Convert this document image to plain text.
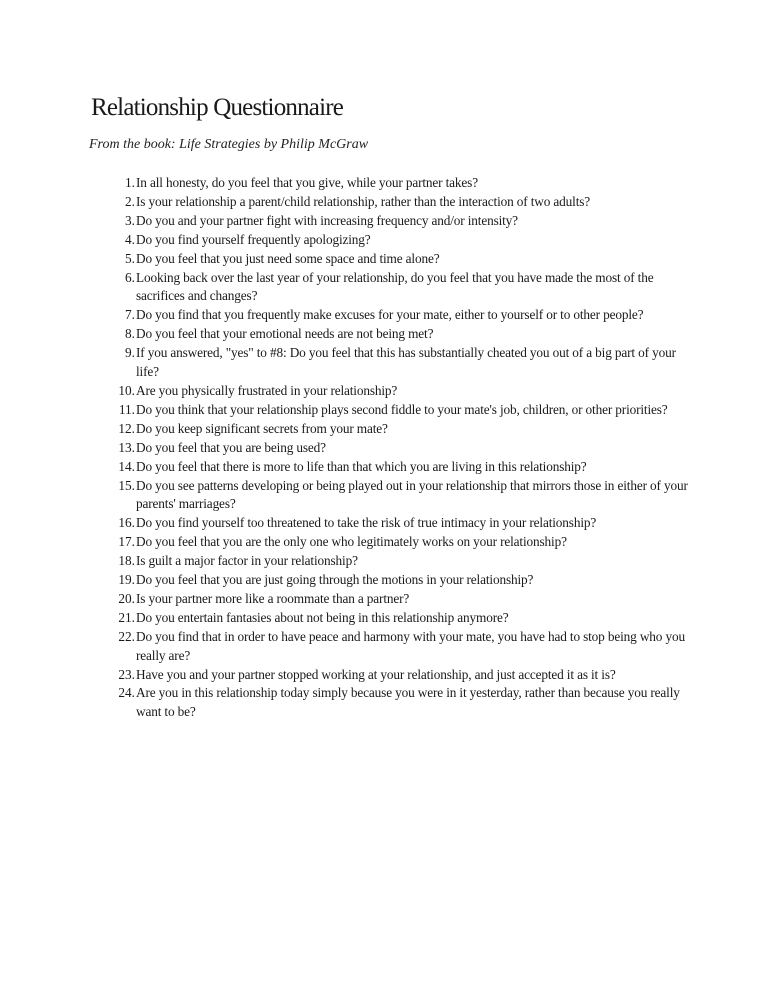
Relationship Questionnaire

From the book: Life Strategies by Philip McGraw

1. In all honesty, do you feel that you give, while your partner takes?
2. Is your relationship a parent/child relationship, rather than the interaction of two adults?
3. Do you and your partner fight with increasing frequency and/or intensity?
4. Do you find yourself frequently apologizing?
5. Do you feel that you just need some space and time alone?
6. Looking back over the last year of your relationship, do you feel that you have made the most of the sacrifices and changes?
7. Do you find that you frequently make excuses for your mate, either to yourself or to other people?
8. Do you feel that your emotional needs are not being met?
9. If you answered, "yes" to #8: Do you feel that this has substantially cheated you out of a big part of your life?
10. Are you physically frustrated in your relationship?
11. Do you think that your relationship plays second fiddle to your mate's job, children, or other priorities?
12. Do you keep significant secrets from your mate?
13. Do you feel that you are being used?
14. Do you feel that there is more to life than that which you are living in this relationship?
15. Do you see patterns developing or being played out in your relationship that mirrors those in either of your parents' marriages?
16. Do you find yourself too threatened to take the risk of true intimacy in your relationship?
17. Do you feel that you are the only one who legitimately works on your relationship?
18. Is guilt a major factor in your relationship?
19. Do you feel that you are just going through the motions in your relationship?
20. Is your partner more like a roommate than a partner?
21. Do you entertain fantasies about not being in this relationship anymore?
22. Do you find that in order to have peace and harmony with your mate, you have had to stop being who you really are?
23. Have you and your partner stopped working at your relationship, and just accepted it as it is?
24. Are you in this relationship today simply because you were in it yesterday, rather than because you really want to be?
